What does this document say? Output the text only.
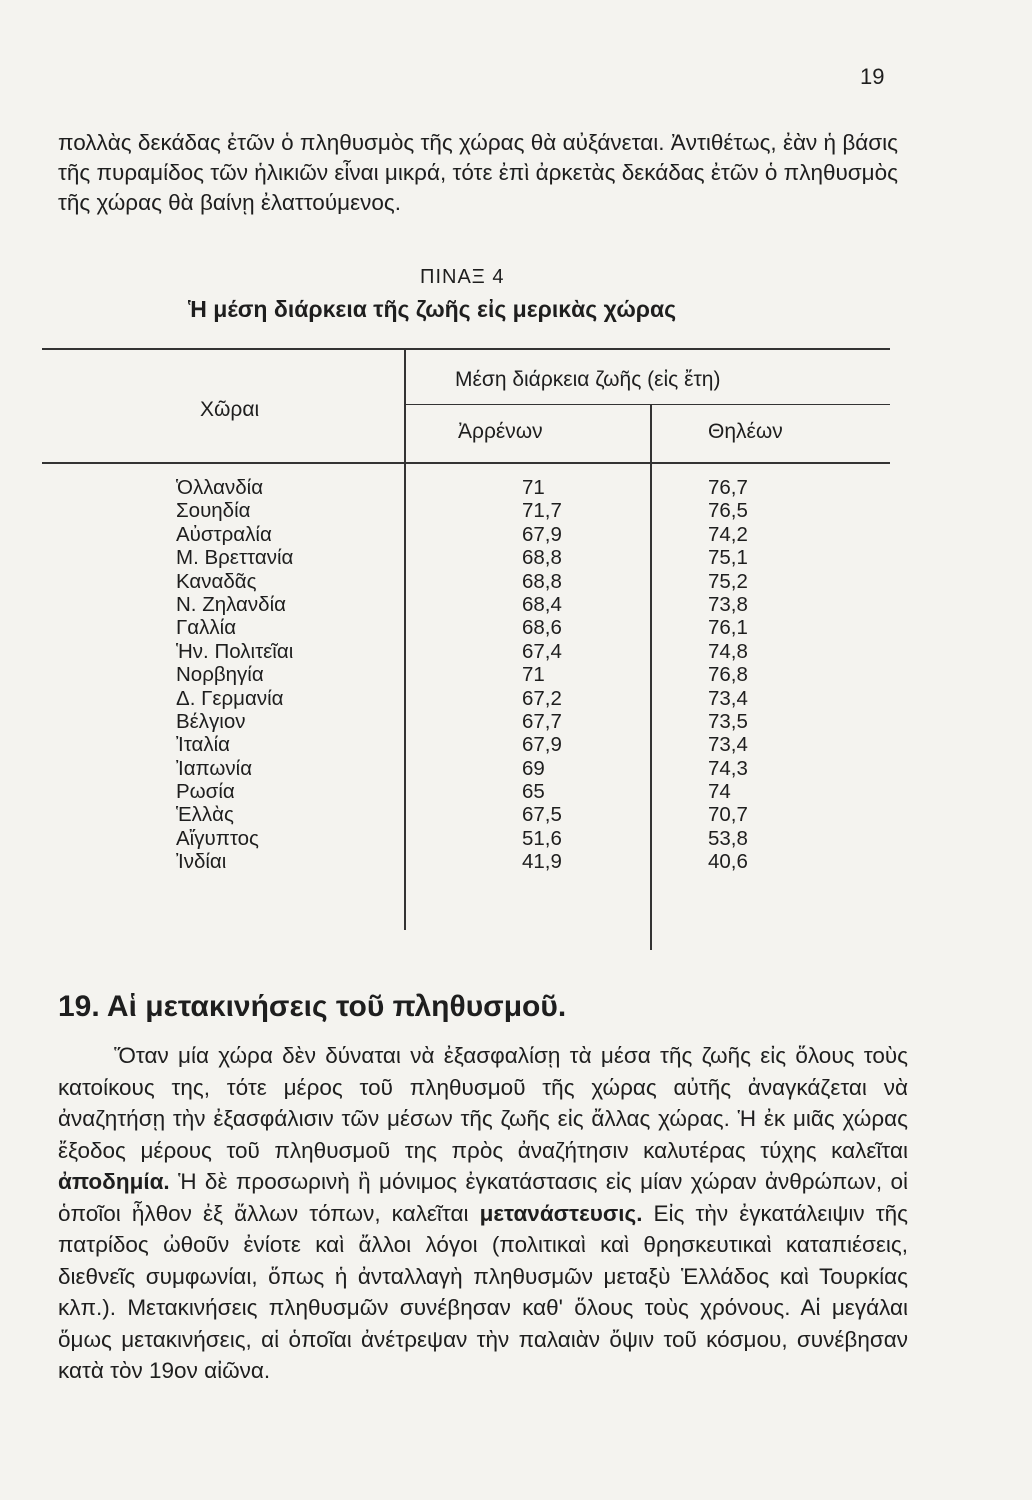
19

πολλὰς δεκάδας ἐτῶν ὁ πληθυσμὸς τῆς χώρας θὰ αὐξάνεται. Ἀντιθέτως, ἐὰν ἡ βάσις τῆς πυραμίδος τῶν ἡλικιῶν εἶναι μικρά, τότε ἐπὶ ἀρκετὰς δεκάδας ἐτῶν ὁ πληθυσμὸς τῆς χώρας θὰ βαίνῃ ἐλαττούμενος.

ΠΙΝΑΞ 4
Ἡ μέση διάρκεια τῆς ζωῆς εἰς μερικὰς χώρας
Χῶραι
Μέση διάρκεια ζωῆς (εἰς ἔτη)
Ἀρρένων	Θηλέων
Ὁλλανδία
Σουηδία
Αὐστραλία
Μ. Βρεττανία
Καναδᾶς
Ν. Ζηλανδία
Γαλλία
Ἡν. Πολιτεῖαι
Νορβηγία
Δ. Γερμανία
Βέλγιον
Ἰταλία
Ἰαπωνία
Ρωσία
Ἑλλὰς
Αἴγυπτος
Ἰνδίαι
71
71,7
67,9
68,8
68,8
68,4
68,6
67,4
71
67,2
67,7
67,9
69
65
67,5
51,6
41,9
76,7
76,5
74,2
75,1
75,2
73,8
76,1
74,8
76,8
73,4
73,5
73,4
74,3
74
70,7
53,8
40,6
19. Αἱ μετακινήσεις τοῦ πληθυσμοῦ.

Ὅταν μία χώρα δὲν δύναται νὰ ἐξασφαλίσῃ τὰ μέσα τῆς ζωῆς εἰς ὅλους τοὺς κατοίκους της, τότε μέρος τοῦ πληθυσμοῦ τῆς χώρας αὐτῆς ἀναγκάζεται νὰ ἀναζητήσῃ τὴν ἐξασφάλισιν τῶν μέσων τῆς ζωῆς εἰς ἄλλας χώρας. Ἡ ἐκ μιᾶς χώρας ἔξοδος μέρους τοῦ πληθυσμοῦ της πρὸς ἀναζήτησιν καλυτέρας τύχης καλεῖται ἀποδημία. Ἡ δὲ προσωρινὴ ἢ μόνιμος ἐγκατάστασις εἰς μίαν χώραν ἀνθρώπων, οἱ ὁποῖοι ἦλθον ἐξ ἄλλων τόπων, καλεῖται μετανάστευσις. Εἰς τὴν ἐγκατάλειψιν τῆς πατρίδος ὠθοῦν ἐνίοτε καὶ ἄλλοι λόγοι (πολιτικαὶ καὶ θρησκευτικαὶ καταπιέσεις, διεθνεῖς συμφωνίαι, ὅπως ἡ ἀνταλλαγὴ πληθυσμῶν μεταξὺ Ἑλλάδος καὶ Τουρκίας κλπ.). Μετακινήσεις πληθυσμῶν συνέβησαν καθ' ὅλους τοὺς χρόνους. Αἱ μεγάλαι ὅμως μετακινήσεις, αἱ ὁποῖαι ἀνέτρεψαν τὴν παλαιὰν ὄψιν τοῦ κόσμου, συνέβησαν κατὰ τὸν 19ον αἰῶνα.
